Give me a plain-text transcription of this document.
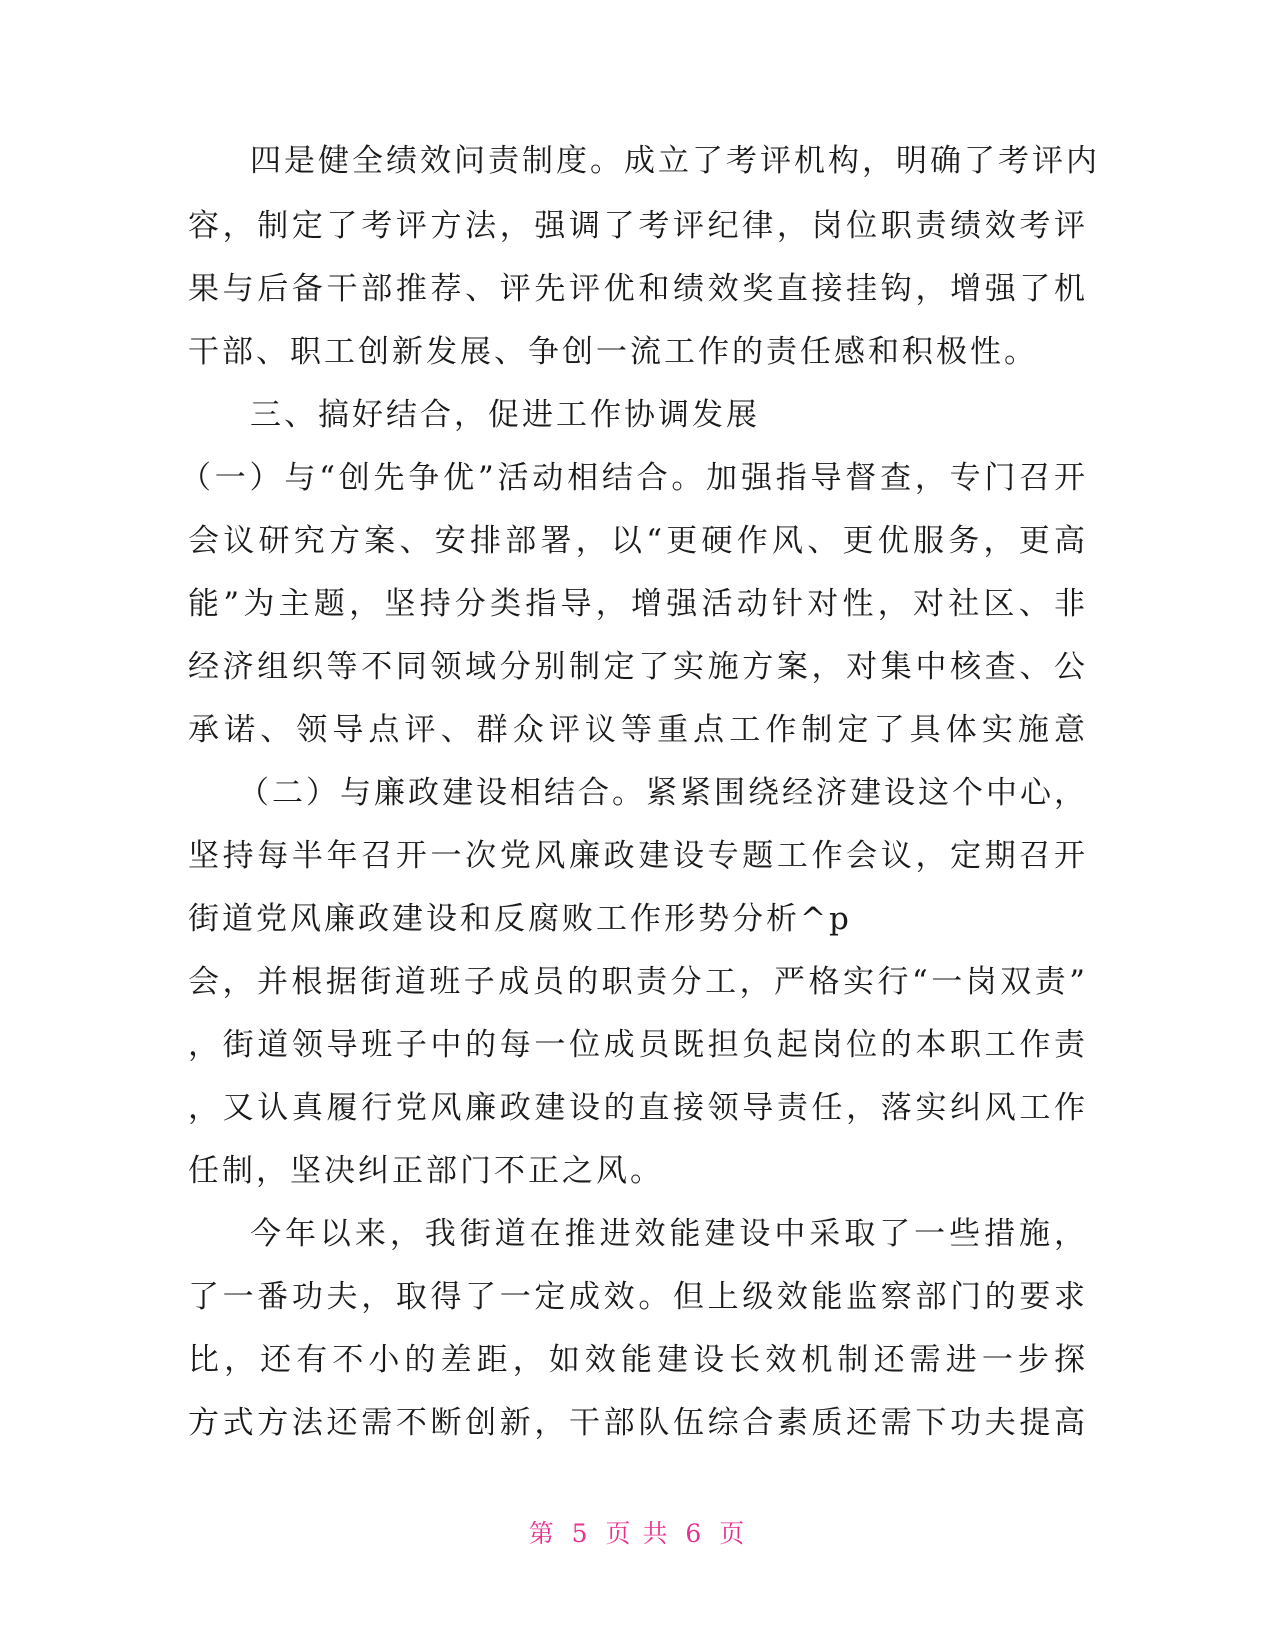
四是健全绩效问责制度。成立了考评机构，明确了考评内
容，制定了考评方法，强调了考评纪律，岗位职责绩效考评
果与后备干部推荐、评先评优和绩效奖直接挂钩，增强了机
干部、职工创新发展、争创一流工作的责任感和积极性。
三、搞好结合，促进工作协调发展
（一）与“创先争优”活动相结合。加强指导督查，专门召开
会议研究方案、安排部署，以“更硬作风、更优服务，更高
能”为主题，坚持分类指导，增强活动针对性，对社区、非
经济组织等不同领域分别制定了实施方案，对集中核查、公
承诺、领导点评、群众评议等重点工作制定了具体实施意
（二）与廉政建设相结合。紧紧围绕经济建设这个中心，
坚持每半年召开一次党风廉政建设专题工作会议，定期召开
街道党风廉政建设和反腐败工作形势分析^p
会，并根据街道班子成员的职责分工，严格实行“一岗双责”
，街道领导班子中的每一位成员既担负起岗位的本职工作责
，又认真履行党风廉政建设的直接领导责任，落实纠风工作
任制，坚决纠正部门不正之风。
今年以来，我街道在推进效能建设中采取了一些措施，
了一番功夫，取得了一定成效。但上级效能监察部门的要求
比，还有不小的差距，如效能建设长效机制还需进一步探
方式方法还需不断创新，干部队伍综合素质还需下功夫提高
第 5 页 共 6 页
